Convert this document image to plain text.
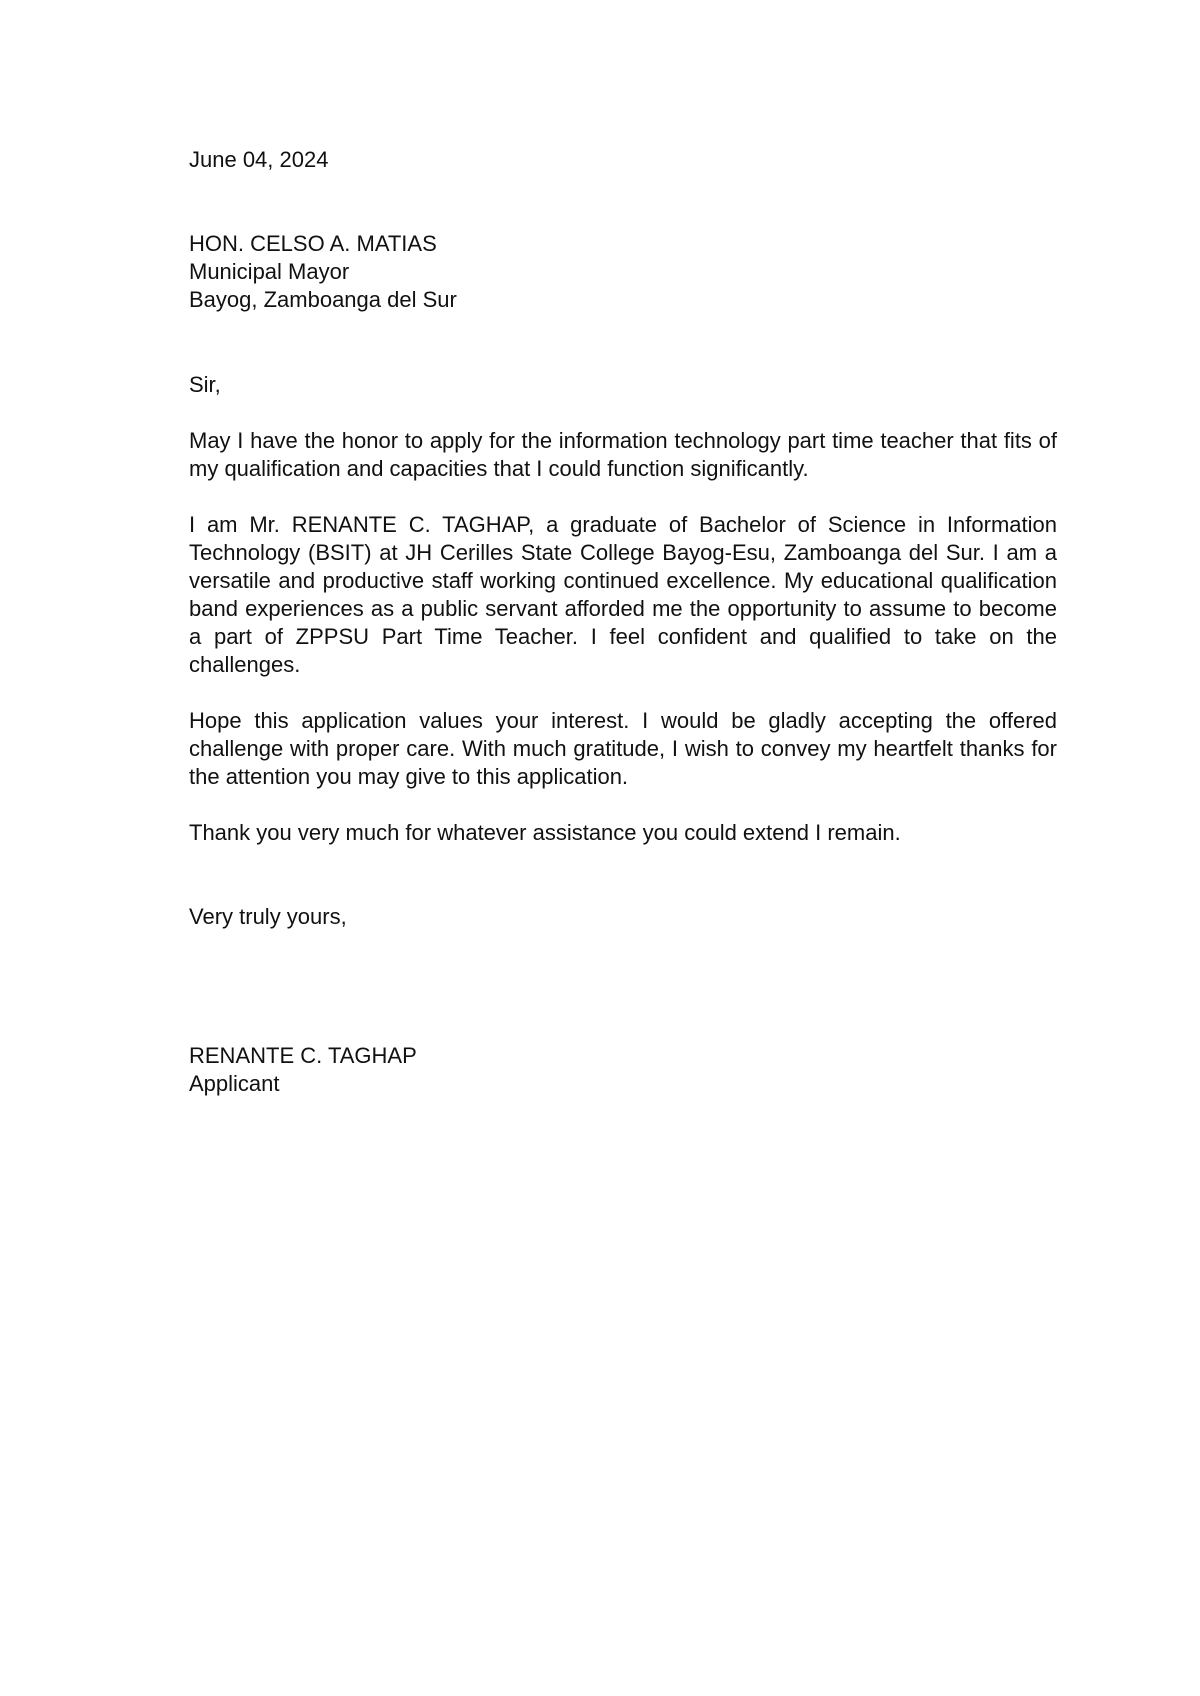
June 04, 2024
HON. CELSO A. MATIAS
Municipal Mayor
Bayog, Zamboanga del Sur
Sir,

May I have the honor to apply for the information technology part time teacher that fits of my qualification and capacities that I could function significantly.

I am Mr. RENANTE C. TAGHAP, a graduate of Bachelor of Science in Information Technology (BSIT) at JH Cerilles State College Bayog-Esu, Zamboanga del Sur. I am a versatile and productive staff working continued excellence. My educational qualification band experiences as a public servant afforded me the opportunity to assume to become a part of ZPPSU Part Time Teacher. I feel confident and qualified to take on the challenges.

Hope this application values your interest. I would be gladly accepting the offered challenge with proper care. With much gratitude, I wish to convey my heartfelt thanks for the attention you may give to this application.

Thank you very much for whatever assistance you could extend I remain.

Very truly yours,
RENANTE C. TAGHAP
Applicant
